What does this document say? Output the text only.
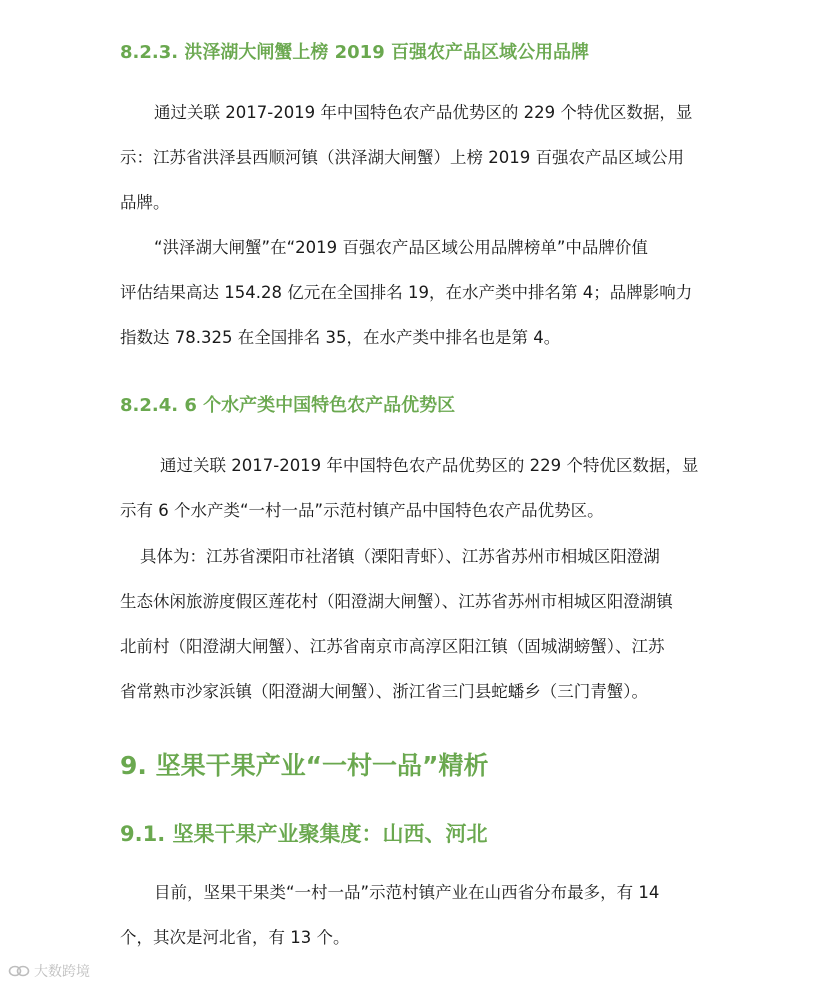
8.2.3. 洪泽湖大闸蟹上榜 2019 百强农产品区域公用品牌
通过关联 2017-2019 年中国特色农产品优势区的 229 个特优区数据，显
示：江苏省洪泽县西顺河镇（洪泽湖大闸蟹）上榜 2019 百强农产品区域公用
品牌。
“洪泽湖大闸蟹”在“2019 百强农产品区域公用品牌榜单”中品牌价值
评估结果高达 154.28 亿元在全国排名 19，在水产类中排名第 4；品牌影响力
指数达 78.325 在全国排名 35，在水产类中排名也是第 4。
8.2.4. 6 个水产类中国特色农产品优势区
通过关联 2017-2019 年中国特色农产品优势区的 229 个特优区数据，显
示有 6 个水产类“一村一品”示范村镇产品中国特色农产品优势区。
具体为：江苏省溧阳市社渚镇（溧阳青虾）、江苏省苏州市相城区阳澄湖
生态休闲旅游度假区莲花村（阳澄湖大闸蟹）、江苏省苏州市相城区阳澄湖镇
北前村（阳澄湖大闸蟹）、江苏省南京市高淳区阳江镇（固城湖螃蟹）、江苏
省常熟市沙家浜镇（阳澄湖大闸蟹）、浙江省三门县蛇蟠乡（三门青蟹）。
9. 坚果干果产业“一村一品”精析
9.1. 坚果干果产业聚集度：山西、河北
目前，坚果干果类“一村一品”示范村镇产业在山西省分布最多，有 14
个，其次是河北省，有 13 个。
大数跨境
